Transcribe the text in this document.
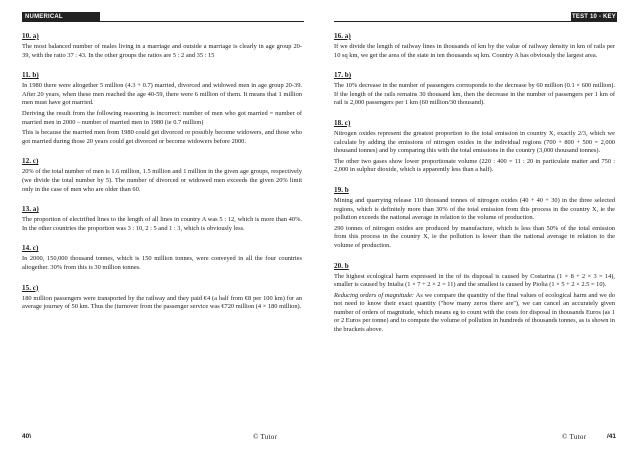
NUMERICAL REASONING
10. a)

The most balanced number of males living in a marriage and outside a marriage is clearly in age group 20-39, with the ratio 37 : 43. In the other groups the ratios are 5 : 2 and 35 : 15

11. b)

In 1980 there were altogether 5 million (4.3 + 0.7) married, divorced and widowed men in age group 20-39. After 20 years, when these men reached the age 40-59, there were 6 million of them. It means that 1 million men must have got married.

Deriving the result from the following reasoning is incorrect: number of men who got married = number of married men in 2000 – number of married men in 1980 (ie 0.7 million)

This is because the married men from 1980 could get divorced or possibly become widowers, and those who got married during those 20 years could get divorced or become widowers before 2000.

12. c)

20% of the total number of men is 1.6 million, 1.5 million and 1 million in the given age groups, respectively (we divide the total number by 5). The number of divorced or widowed men exceeds the given 20% limit only in the case of men who are older than 60.

13. a)

The proportion of electrified lines to the length of all lines in country A was 5 : 12, which is more than 40%. In the other countries the proportion was 3 : 10, 2 : 5 and 1 : 3, which is obviously less.

14. c)

In 2000, 150,000 thousand tonnes, which is 150 million tonnes, were conveyed in all the four countries altogether. 30% from this is 30 million tonnes.

15. c)

180 million passengers were transported by the railway and they paid €4 (a half from €8 per 100 km) for an average journey of 50 km. Thus the (turnover from the passenger service was €720 million (4 × 180 million).

40\	© Tutor
TEST 10 - KEY
16. a)

If we divide the length of railway lines in thousands of km by the value of railway density in km of rails per 10 sq km, we get the area of the state in ten thousands sq km. Country A has obviously the largest area.

17. b)

The 10% decrease in the number of passengers corresponds to the decrease by 60 million (0.1 × 600 million). If the length of the rails remains 30 thousand km, then the decrease in the number of passengers per 1 km of rail is 2,000 passengers per 1 km (60 million/30 thousand).

18. c)

Nitrogen oxides represent the greatest proportion to the total emission in country X, exactly 2/3, which we calculate by adding the emissions of nitrogen oxides in the individual regions (700 + 800 + 500 = 2,000 thousand tonnes) and by comparing this with the total emissions in the country (3,000 thousand tonnes).

The other two gases show lower proportionate volume (220 : 400 = 11 : 20 in particulate matter and 750 : 2,000 in sulphur dioxide, which is apparently less than a half).

19. b

Mining and quarrying release 110 thousand tonnes of nitrogen oxides (40 + 40 + 30) in the three selected regions, which is definitely more than 30% of the total emission from this process in the country X, ie the pollution exceeds the national average in relation to the volume of production.

290 tonnes of nitrogen oxides are produced by manufacture, which is less than 50% of the total emission from this process in the country X, ie the pollution is lower than the national average in relation to the volume of production.

20. b

The highest ecological harm expressed in the of its disposal is caused by Costarina (1 × 8 + 2 × 3 = 14), smaller is caused by Intalia (1 × 7 + 2 × 2 = 11) and the smallest is caused by Piolia (1 × 5 + 2 × 2.5 = 10).

Reducing orders of magnitude: As we compare the quantity of the final values of ecological harm and we do not need to know their exact quantity ("how many zeros there are"), we can cancel an accurately given number of orders of magnitude, which means eg to count with the costs for disposal in thousands Euros (as 1 or 2 Euros per tonne) and to compute the volume of pollution in hundreds of thousands tonnes, as is shown in the brackets above.

© Tutor	/41
